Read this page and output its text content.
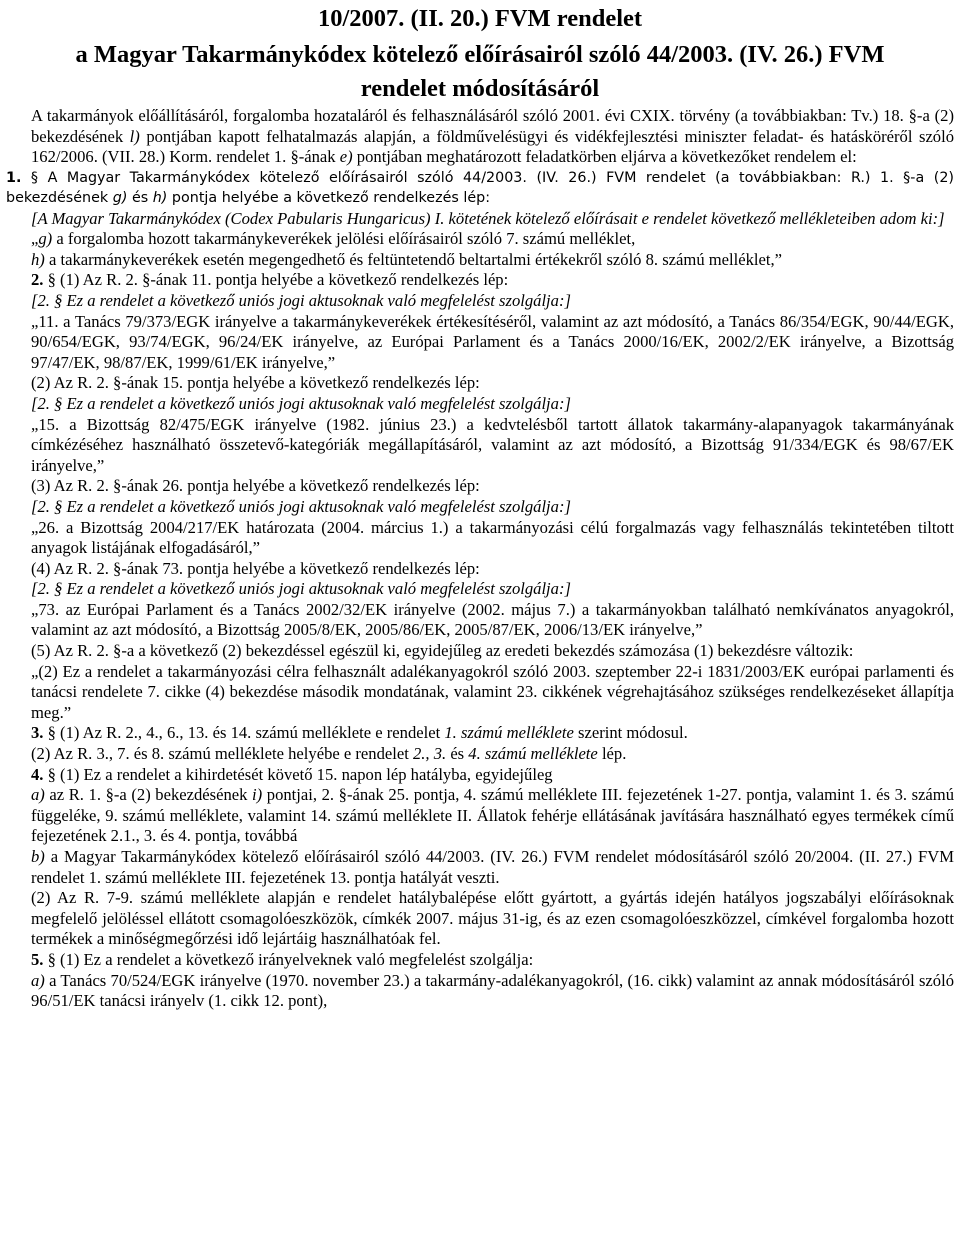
10/2007. (II. 20.) FVM rendelet
a Magyar Takarmánykódex kötelező előírásairól szóló 44/2003. (IV. 26.) FVM
rendelet módosításáról

A takarmányok előállításáról, forgalomba hozataláról és felhasználásáról szóló 2001. évi CXIX. törvény (a továbbiakban: Tv.) 18. §-a (2) bekezdésének l) pontjában kapott felhatalmazás alapján, a földművelésügyi és vidékfejlesztési miniszter feladat- és hatásköréről szóló 162/2006. (VII. 28.) Korm. rendelet 1. §-ának e) pontjában meghatározott feladatkörben eljárva a következőket rendelem el:

1. § A Magyar Takarmánykódex kötelező előírásairól szóló 44/2003. (IV. 26.) FVM rendelet (a továbbiakban: R.) 1. §-a (2) bekezdésének g) és h) pontja helyébe a következő rendelkezés lép:

[A Magyar Takarmánykódex (Codex Pabularis Hungaricus) I. kötetének kötelező előírásait e rendelet következő mellékleteiben adom ki:]

„g) a forgalomba hozott takarmánykeverékek jelölési előírásairól szóló 7. számú melléklet,

h) a takarmánykeverékek esetén megengedhető és feltüntetendő beltartalmi értékekről szóló 8. számú melléklet,”

2. § (1) Az R. 2. §-ának 11. pontja helyébe a következő rendelkezés lép:

[2. § Ez a rendelet a következő uniós jogi aktusoknak való megfelelést szolgálja:]

„11. a Tanács 79/373/EGK irányelve a takarmánykeverékek értékesítéséről, valamint az azt módosító, a Tanács 86/354/EGK, 90/44/EGK, 90/654/EGK, 93/74/EGK, 96/24/EK irányelve, az Európai Parlament és a Tanács 2000/16/EK, 2002/2/EK irányelve, a Bizottság 97/47/EK, 98/87/EK, 1999/61/EK irányelve,”

(2) Az R. 2. §-ának 15. pontja helyébe a következő rendelkezés lép:

[2. § Ez a rendelet a következő uniós jogi aktusoknak való megfelelést szolgálja:]

„15. a Bizottság 82/475/EGK irányelve (1982. június 23.) a kedvtelésből tartott állatok takarmány-alapanyagok takarmányának címkézéséhez használható összetevő-kategóriák megállapításáról, valamint az azt módosító, a Bizottság 91/334/EGK és 98/67/EK irányelve,”

(3) Az R. 2. §-ának 26. pontja helyébe a következő rendelkezés lép:

[2. § Ez a rendelet a következő uniós jogi aktusoknak való megfelelést szolgálja:]

„26. a Bizottság 2004/217/EK határozata (2004. március 1.) a takarmányozási célú forgalmazás vagy felhasználás tekintetében tiltott anyagok listájának elfogadásáról,”

(4) Az R. 2. §-ának 73. pontja helyébe a következő rendelkezés lép:

[2. § Ez a rendelet a következő uniós jogi aktusoknak való megfelelést szolgálja:]

„73. az Európai Parlament és a Tanács 2002/32/EK irányelve (2002. május 7.) a takarmányokban található nemkívánatos anyagokról, valamint az azt módosító, a Bizottság 2005/8/EK, 2005/86/EK, 2005/87/EK, 2006/13/EK irányelve,”

(5) Az R. 2. §-a a következő (2) bekezdéssel egészül ki, egyidejűleg az eredeti bekezdés számozása (1) bekezdésre változik:

„(2) Ez a rendelet a takarmányozási célra felhasznált adalékanyagokról szóló 2003. szeptember 22-i 1831/2003/EK európai parlamenti és tanácsi rendelete 7. cikke (4) bekezdése második mondatának, valamint 23. cikkének végrehajtásához szükséges rendelkezéseket állapítja meg.”

3. § (1) Az R. 2., 4., 6., 13. és 14. számú melléklete e rendelet 1. számú melléklete szerint módosul.

(2) Az R. 3., 7. és 8. számú melléklete helyébe e rendelet 2., 3. és 4. számú melléklete lép.

4. § (1) Ez a rendelet a kihirdetését követő 15. napon lép hatályba, egyidejűleg

a) az R. 1. §-a (2) bekezdésének i) pontjai, 2. §-ának 25. pontja, 4. számú melléklete III. fejezetének 1-27. pontja, valamint 1. és 3. számú függeléke, 9. számú melléklete, valamint 14. számú melléklete II. Állatok fehérje ellátásának javítására használható egyes termékek című fejezetének 2.1., 3. és 4. pontja, továbbá

b) a Magyar Takarmánykódex kötelező előírásairól szóló 44/2003. (IV. 26.) FVM rendelet módosításáról szóló 20/2004. (II. 27.) FVM rendelet 1. számú melléklete III. fejezetének 13. pontja hatályát veszti.

(2) Az R. 7-9. számú melléklete alapján e rendelet hatálybalépése előtt gyártott, a gyártás idején hatályos jogszabályi előírásoknak megfelelő jelöléssel ellátott csomagolóeszközök, címkék 2007. május 31-ig, és az ezen csomagolóeszközzel, címkével forgalomba hozott termékek a minőségmegőrzési idő lejártáig használhatóak fel.

5. § (1) Ez a rendelet a következő irányelveknek való megfelelést szolgálja:

a) a Tanács 70/524/EGK irányelve (1970. november 23.) a takarmány-adalékanyagokról, (16. cikk) valamint az annak módosításáról szóló 96/51/EK tanácsi irányelv (1. cikk 12. pont),
